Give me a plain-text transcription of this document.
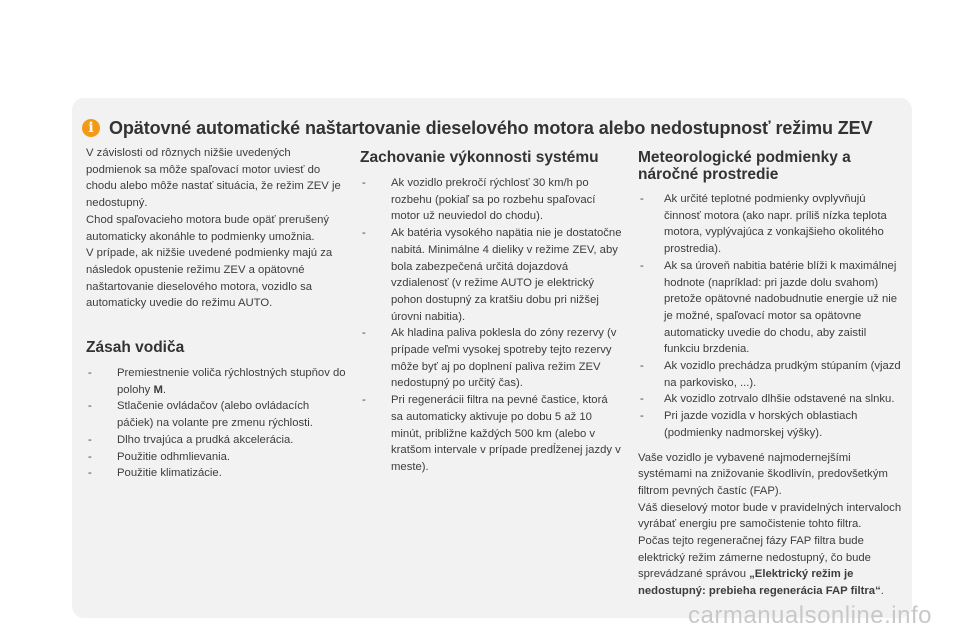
i Opätovné automatické naštartovanie dieselového motora alebo nedostupnosť režimu ZEV

V závislosti od rôznych nižšie uvedených podmienok sa môže spaľovací motor uviesť do chodu alebo môže nastať situácia, že režim ZEV je nedostupný.

Chod spaľovacieho motora bude opäť prerušený automaticky akonáhle to podmienky umožnia.

V prípade, ak nižšie uvedené podmienky majú za následok opustenie režimu ZEV a opätovné naštartovanie dieselového motora, vozidlo sa automaticky uvedie do režimu AUTO.

Zásah vodiča
- Premiestnenie voliča rýchlostných stupňov do polohy M.
- Stlačenie ovládačov (alebo ovládacích páčiek) na volante pre zmenu rýchlosti.
- Dlho trvajúca a prudká akcelerácia.
- Použitie odhmlievania.
- Použitie klimatizácie.
Zachovanie výkonnosti systému
- Ak vozidlo prekročí rýchlosť 30 km/h po rozbehu (pokiaľ sa po rozbehu spaľovací motor už neuviedol do chodu).
- Ak batéria vysokého napätia nie je dostatočne nabitá. Minimálne 4 dieliky v režime ZEV, aby bola zabezpečená určitá dojazdová vzdialenosť (v režime AUTO je elektrický pohon dostupný za kratšiu dobu pri nižšej úrovni nabitia).
- Ak hladina paliva poklesla do zóny rezervy (v prípade veľmi vysokej spotreby tejto rezervy môže byť aj po doplnení paliva režim ZEV nedostupný po určitý čas).
- Pri regenerácii filtra na pevné častice, ktorá sa automaticky aktivuje po dobu 5 až 10 minút, približne každých 500 km (alebo v kratšom intervale v prípade predĺženej jazdy v meste).
Meteorologické podmienky a náročné prostredie
- Ak určité teplotné podmienky ovplyvňujú činnosť motora (ako napr. príliš nízka teplota motora, vyplývajúca z vonkajšieho okolitého prostredia).
- Ak sa úroveň nabitia batérie blíži k maximálnej hodnote (napríklad: pri jazde dolu svahom) pretože opätovné nadobudnutie energie už nie je možné, spaľovací motor sa opätovne automaticky uvedie do chodu, aby zaistil funkciu brzdenia.
- Ak vozidlo prechádza prudkým stúpaním (vjazd na parkovisko, ...).
- Ak vozidlo zotrvalo dlhšie odstavené na slnku.
- Pri jazde vozidla v horských oblastiach (podmienky nadmorskej výšky).

Vaše vozidlo je vybavené najmodernejšími systémami na znižovanie škodlivín, predovšetkým filtrom pevných častíc (FAP).

Váš dieselový motor bude v pravidelných intervaloch vyrábať energiu pre samočistenie tohto filtra.

Počas tejto regeneračnej fázy FAP filtra bude elektrický režim zámerne nedostupný, čo bude sprevádzané správou „Elektrický režim je nedostupný: prebieha regenerácia FAP filtra“.

carmanualsonline.info
